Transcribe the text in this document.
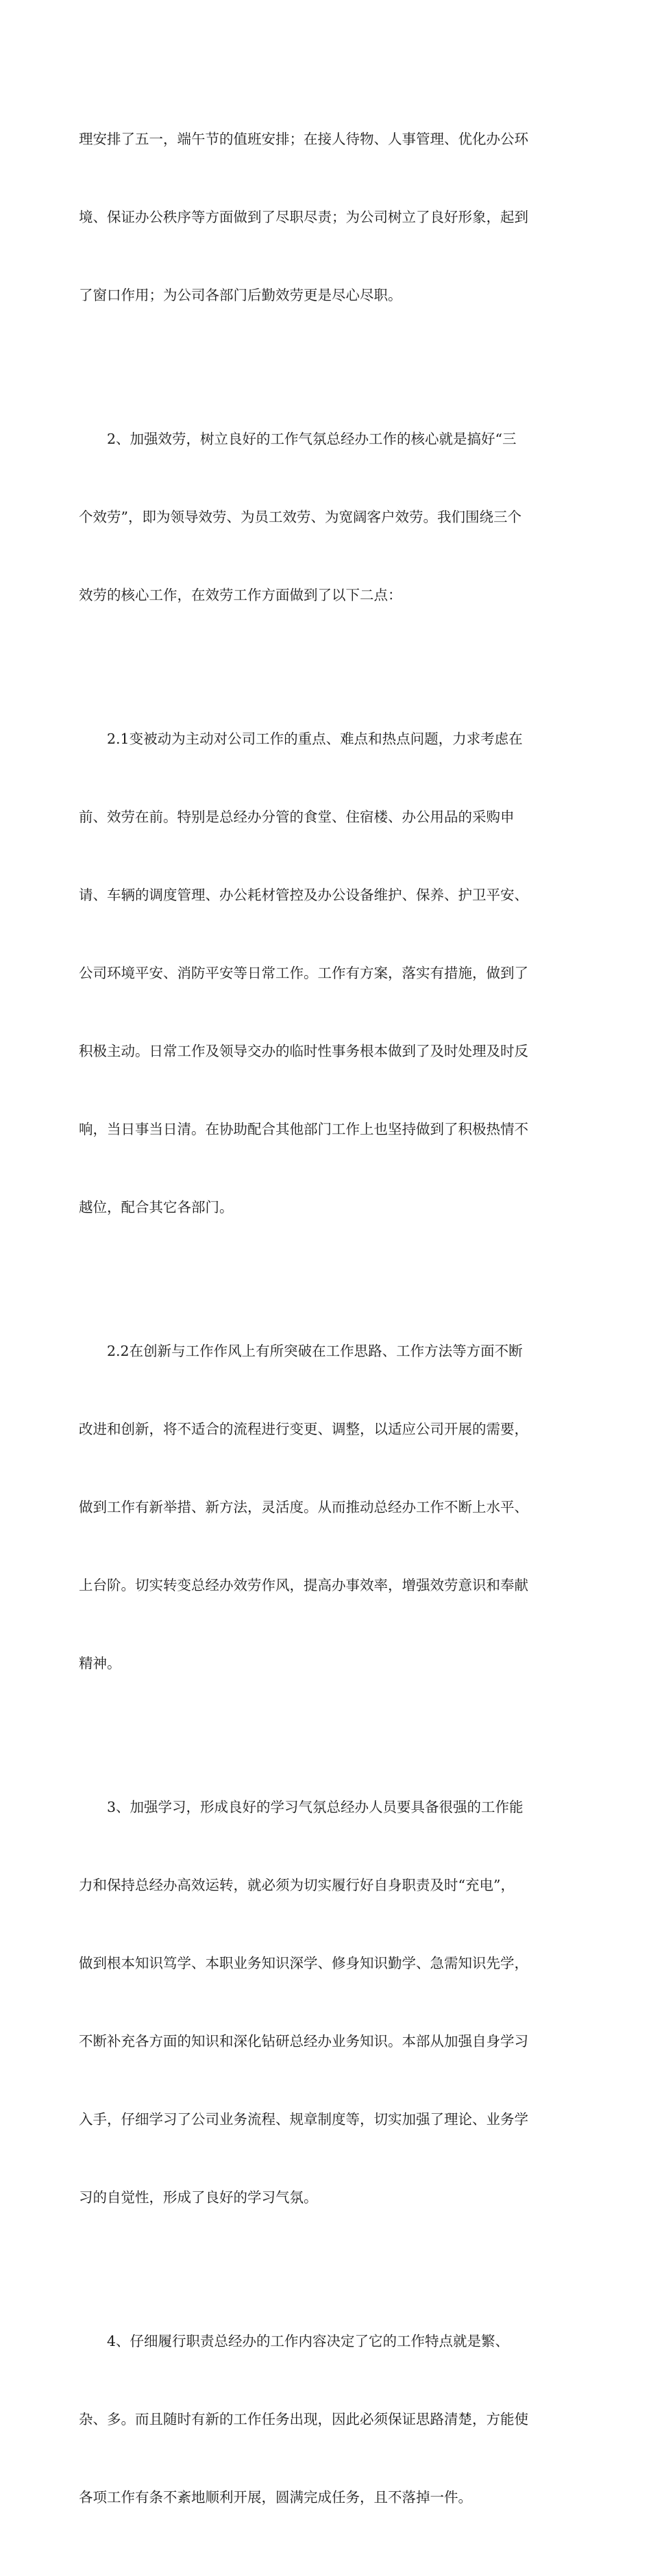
理安排了五一，端午节的值班安排；在接人待物、人事管理、优化办公环

境、保证办公秩序等方面做到了尽职尽责；为公司树立了良好形象，起到

了窗口作用；为公司各部门后勤效劳更是尽心尽职。

　　2、加强效劳，树立良好的工作气氛总经办工作的核心就是搞好“三

个效劳”，即为领导效劳、为员工效劳、为宽阔客户效劳。我们围绕三个

效劳的核心工作，在效劳工作方面做到了以下二点：

　　2.1变被动为主动对公司工作的重点、难点和热点问题，力求考虑在

前、效劳在前。特别是总经办分管的食堂、住宿楼、办公用品的采购申

请、车辆的调度管理、办公耗材管控及办公设备维护、保养、护卫平安、

公司环境平安、消防平安等日常工作。工作有方案，落实有措施，做到了

积极主动。日常工作及领导交办的临时性事务根本做到了及时处理及时反

响，当日事当日清。在协助配合其他部门工作上也坚持做到了积极热情不

越位，配合其它各部门。

　　2.2在创新与工作作风上有所突破在工作思路、工作方法等方面不断

改进和创新，将不适合的流程进行变更、调整，以适应公司开展的需要，

做到工作有新举措、新方法，灵活度。从而推动总经办工作不断上水平、

上台阶。切实转变总经办效劳作风，提高办事效率，增强效劳意识和奉献

精神。

　　3、加强学习，形成良好的学习气氛总经办人员要具备很强的工作能

力和保持总经办高效运转，就必须为切实履行好自身职责及时“充电”，

做到根本知识笃学、本职业务知识深学、修身知识勤学、急需知识先学，

不断补充各方面的知识和深化钻研总经办业务知识。本部从加强自身学习

入手，仔细学习了公司业务流程、规章制度等，切实加强了理论、业务学

习的自觉性，形成了良好的学习气氛。

　　4、仔细履行职责总经办的工作内容决定了它的工作特点就是繁、

杂、多。而且随时有新的工作任务出现，因此必须保证思路清楚，方能使

各项工作有条不紊地顺利开展，圆满完成任务，且不落掉一件。
